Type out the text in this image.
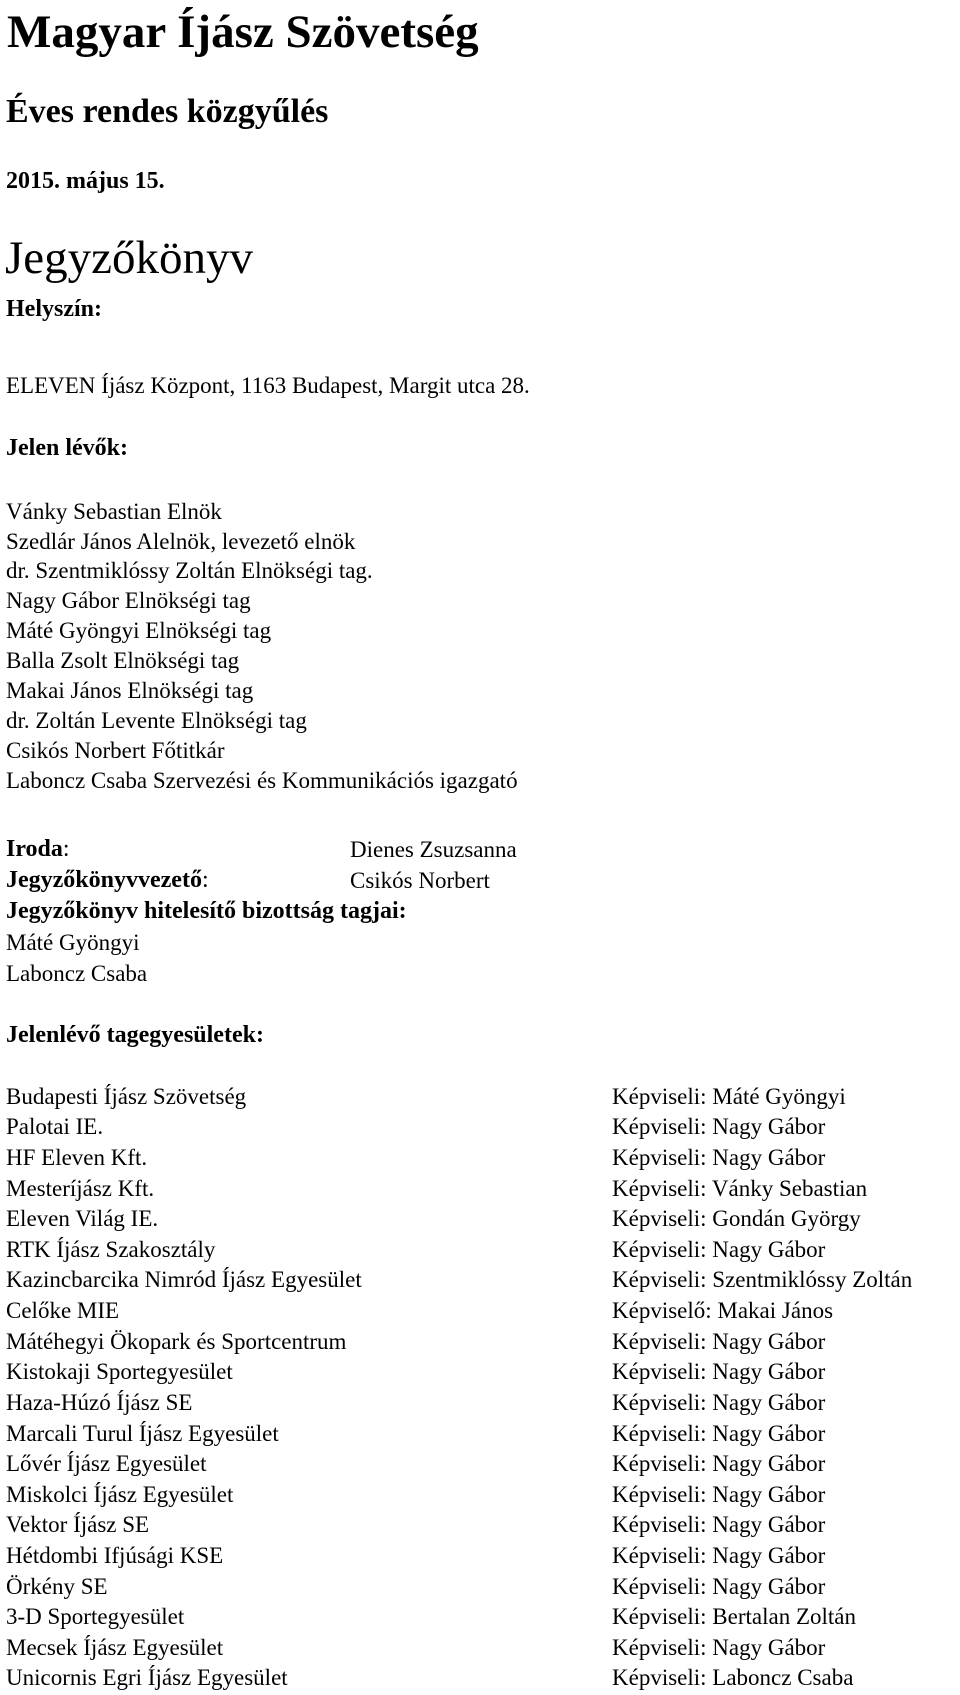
Magyar Íjász Szövetség
Éves rendes közgyűlés
2015. május 15.
Jegyzőkönyv
Helyszín:
ELEVEN Íjász Központ, 1163 Budapest, Margit utca 28.
Jelen lévők:
Vánky Sebastian Elnök
Szedlár János Alelnök, levezető elnök
dr. Szentmiklóssy Zoltán Elnökségi tag.
Nagy Gábor Elnökségi tag
Máté Gyöngyi Elnökségi tag
Balla Zsolt Elnökségi tag
Makai János Elnökségi tag
dr. Zoltán Levente Elnökségi tag
Csikós Norbert Főtitkár
Laboncz Csaba Szervezési és Kommunikációs igazgató
Iroda:	Dienes Zsuzsanna
Jegyzőkönyvvezető:	Csikós Norbert
Jegyzőkönyv hitelesítő bizottság tagjai:
Máté Gyöngyi
Laboncz Csaba
Jelenlévő tagegyesületek:
Budapesti Íjász Szövetség	Képviseli: Máté Gyöngyi
Palotai IE.	Képviseli: Nagy Gábor
HF Eleven Kft.	Képviseli: Nagy Gábor
Mesteríjász Kft.	Képviseli: Vánky Sebastian
Eleven Világ IE.	Képviseli: Gondán György
RTK Íjász Szakosztály	Képviseli: Nagy Gábor
Kazincbarcika Nimród Íjász Egyesület	Képviseli: Szentmiklóssy Zoltán
Celőke MIE	Képviselő: Makai János
Mátéhegyi Ökopark és Sportcentrum	Képviseli: Nagy Gábor
Kistokaji Sportegyesület	Képviseli: Nagy Gábor
Haza-Húzó Íjász SE	Képviseli: Nagy Gábor
Marcali Turul Íjász Egyesület	Képviseli: Nagy Gábor
Lővér Íjász Egyesület	Képviseli: Nagy Gábor
Miskolci Íjász Egyesület	Képviseli: Nagy Gábor
Vektor Íjász SE	Képviseli: Nagy Gábor
Hétdombi Ifjúsági KSE	Képviseli: Nagy Gábor
Örkény SE	Képviseli: Nagy Gábor
3-D Sportegyesület	Képviseli: Bertalan Zoltán
Mecsek Íjász Egyesület	Képviseli: Nagy Gábor
Unicornis Egri Íjász Egyesület	Képviseli: Laboncz Csaba
